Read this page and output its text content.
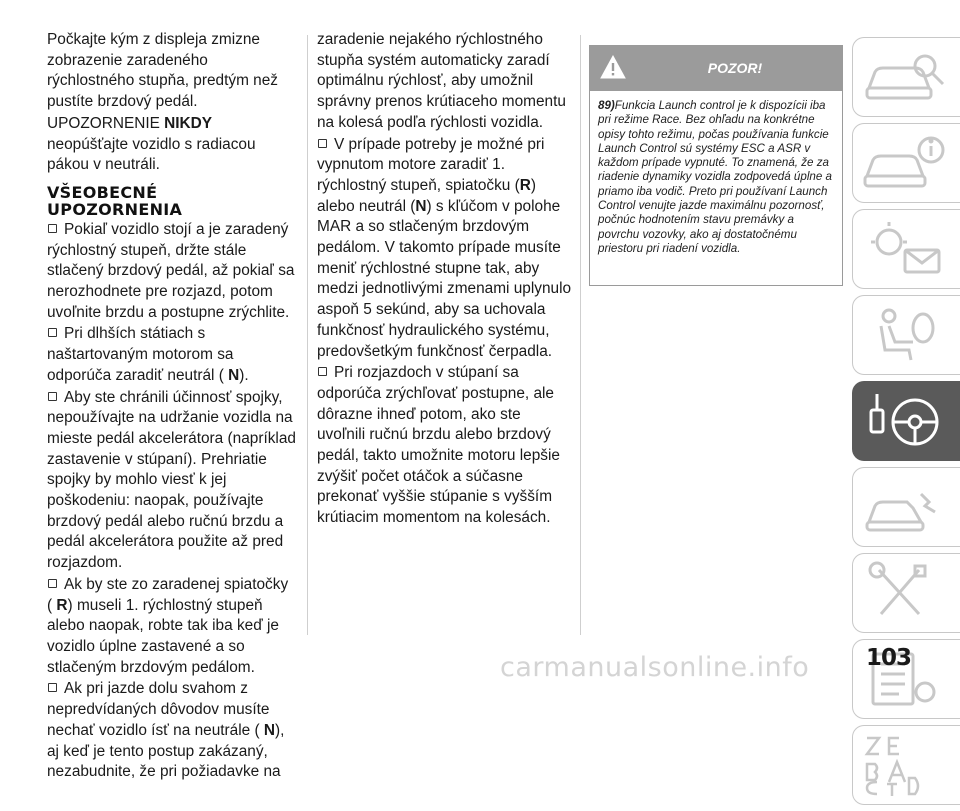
Počkajte kým z displeja zmizne zobrazenie zaradeného rýchlostného stupňa, predtým než pustíte brzdový pedál.

UPOZORNENIE NIKDY neopúšťajte vozidlo s radiacou pákou v neutráli.

VŠEOBECNÉ UPOZORNENIA

Pokiaľ vozidlo stojí a je zaradený rýchlostný stupeň, držte stále stlačený brzdový pedál, až pokiaľ sa nerozhodnete pre rozjazd, potom uvoľnite brzdu a postupne zrýchlite.

Pri dlhších státiach s naštartovaným motorom sa odporúča zaradiť neutrál ( N).

Aby ste chránili účinnosť spojky, nepoužívajte na udržanie vozidla na mieste pedál akcelerátora (napríklad zastavenie v stúpaní). Prehriatie spojky by mohlo viesť k jej poškodeniu: naopak, používajte brzdový pedál alebo ručnú brzdu a pedál akcelerátora použite až pred rozjazdom.

Ak by ste zo zaradenej spiatočky ( R) museli 1. rýchlostný stupeň alebo naopak, robte tak iba keď je vozidlo úplne zastavené a so stlačeným brzdovým pedálom.

Ak pri jazde dolu svahom z nepredvídaných dôvodov musíte nechať vozidlo ísť na neutrále ( N), aj keď je tento postup zakázaný, nezabudnite, že pri požiadavke na

zaradenie nejakého rýchlostného stupňa systém automaticky zaradí optimálnu rýchlosť, aby umožnil správny prenos krútiaceho momentu na kolesá podľa rýchlosti vozidla.

V prípade potreby je možné pri vypnutom motore zaradiť 1. rýchlostný stupeň, spiatočku (R) alebo neutrál (N) s kľúčom v polohe MAR a so stlačeným brzdovým pedálom. V takomto prípade musíte meniť rýchlostné stupne tak, aby medzi jednotlivými zmenami uplynulo aspoň 5 sekúnd, aby sa uchovala funkčnosť hydraulického systému, predovšetkým funkčnosť čerpadla.

Pri rozjazdoch v stúpaní sa odporúča zrýchľovať postupne, ale dôrazne ihneď potom, ako ste uvoľnili ručnú brzdu alebo brzdový pedál, takto umožnite motoru lepšie zvýšiť počet otáčok a súčasne prekonať vyššie stúpanie s vyšším krútiacim momentom na kolesách.

POZOR!
89)Funkcia Launch control je k dispozícii iba pri režime Race. Bez ohľadu na konkrétne opisy tohto režimu, počas používania funkcie Launch Control sú systémy ESC a ASR v každom prípade vypnuté. To znamená, že za riadenie dynamiky vozidla zodpovedá úplne a priamo iba vodič. Preto pri používaní Launch Control venujte jazde maximálnu pozornosť, počnúc hodnotením stavu premávky a povrchu vozovky, ako aj dostatočnému priestoru pri riadení vozidla.
carmanualsonline.info 103
